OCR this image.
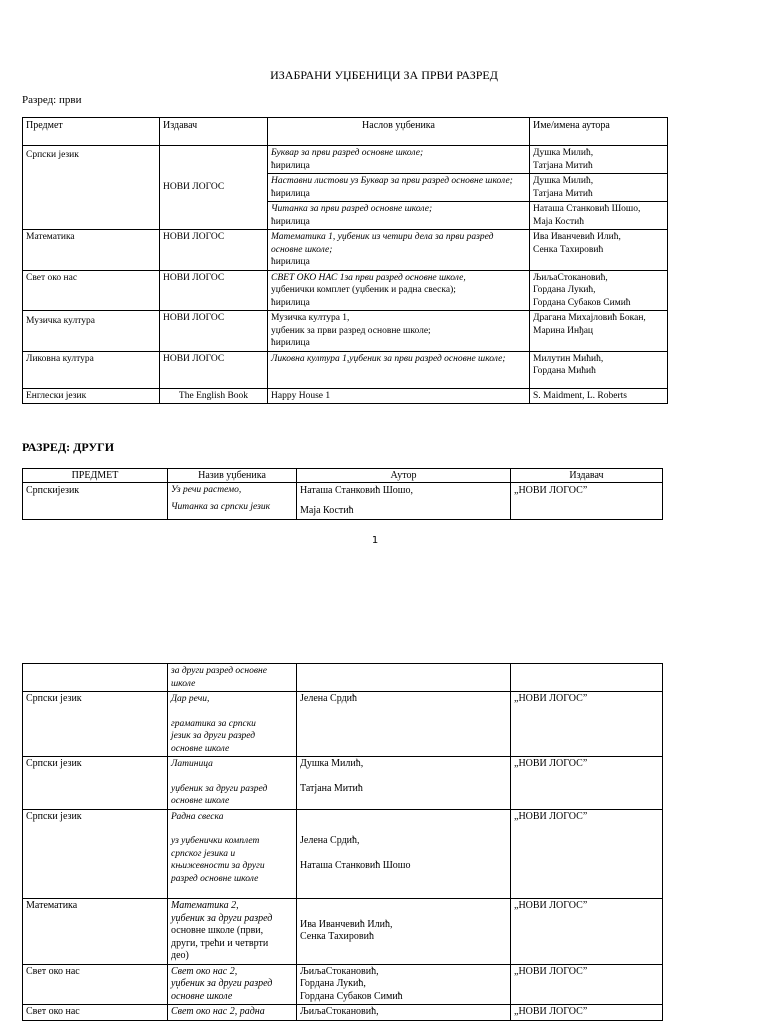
ИЗАБРАНИ УЏБЕНИЦИ ЗА ПРВИ РАЗРЕД
Разред: први
Предмет	Издавач	Наслов уџбеника	Име/имена аутора

Српски језик	НОВИ ЛОГОС	Буквар за први разред основне школе;
ћирилица	Душка Милић,
Татјана Митић

		Наставни листови уз Буквар за први разред основне школе;
ћирилица	Душка Милић,
Татјана Митић

		Читанка за први разред основне школе;
ћирилица	Наташа Станковић Шошо,
Маја Костић

Математика	НОВИ ЛОГОС	Математика 1, уџбеник из четири дела за први разред основне школе;
ћирилица	Ива Иванчевић Илић,
Сенка Тахировић

Свет око нас	НОВИ ЛОГОС	СВЕТ ОКО НАС 1за први разред основне школе,
уџбенички комплет (уџбеник и радна свеска);
ћирилица	ЉиљаСтокановић,
Гордана Лукић,
Гордана Субаков Симић

Музичка култура	НОВИ ЛОГОС	Музичка култура 1,
уџбеник за први разред основне школе;
ћирилица	Драгана Михајловић Бокан,
Марина Инђац

Ликовна култура	НОВИ ЛОГОС	Ликовна култура 1,уџбеник за први разред основне школе;	Милутин Мићић,
Гордана Мићић

Енглески језик	The English Book	Happy House 1	S. Maidment, L. Roberts
РАЗРЕД: ДРУГИ
ПРЕДМЕТ	Назив уџбеника	Аутор	Издавач
Српскијезик	Уз речи растемо,
Читанка за српски језик	Наташа Станковић Шошо,
Маја Костић	„НОВИ ЛОГОС”
1

	за други разред основне
школе		

Српски језик	Дар речи,
граматика за српски
језик за други разред
основне школе	Јелена Срдић	„НОВИ ЛОГОС”
Српски језик	Латиница
уџбеник за други разред
основне школе	Душка Милић,
Татјана Митић	„НОВИ ЛОГОС”
Српски језик	Радна свеска
уз уџбенички комплет
српског језика и
књижевности за други
разред основне школе	Јелена Срдић,
Наташа Станковић Шошо	„НОВИ ЛОГОС”
Математика	Математика 2,
уџбеник за други разред
основне школе (први,
други, трећи и четврти
део)	Ива Иванчевић Илић,
Сенка Тахировић	„НОВИ ЛОГОС”
Свет око нас	Свет око нас 2,
уџбеник за други разред
основне школе	ЉиљаСтокановић,
Гордана Лукић,
Гордана Субаков Симић	„НОВИ ЛОГОС”
Свет око нас	Свет око нас 2, радна	ЉиљаСтокановић,	„НОВИ ЛОГОС”
